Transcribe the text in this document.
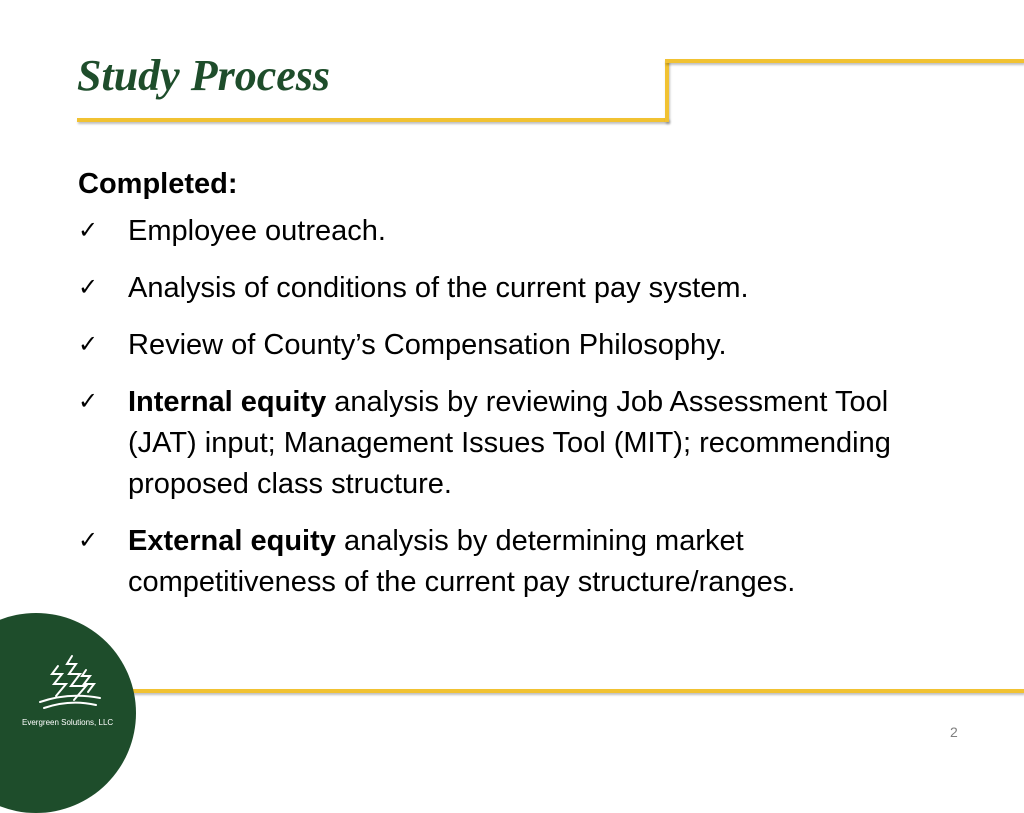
Study Process

Completed:

✓ Employee outreach.
✓ Analysis of conditions of the current pay system.
✓ Review of County’s Compensation Philosophy.
✓ Internal equity analysis by reviewing Job Assessment Tool (JAT) input; Management Issues Tool (MIT); recommending proposed class structure.
✓ External equity analysis by determining market competitiveness of the current pay structure/ranges.
Evergreen Solutions, LLC
2
